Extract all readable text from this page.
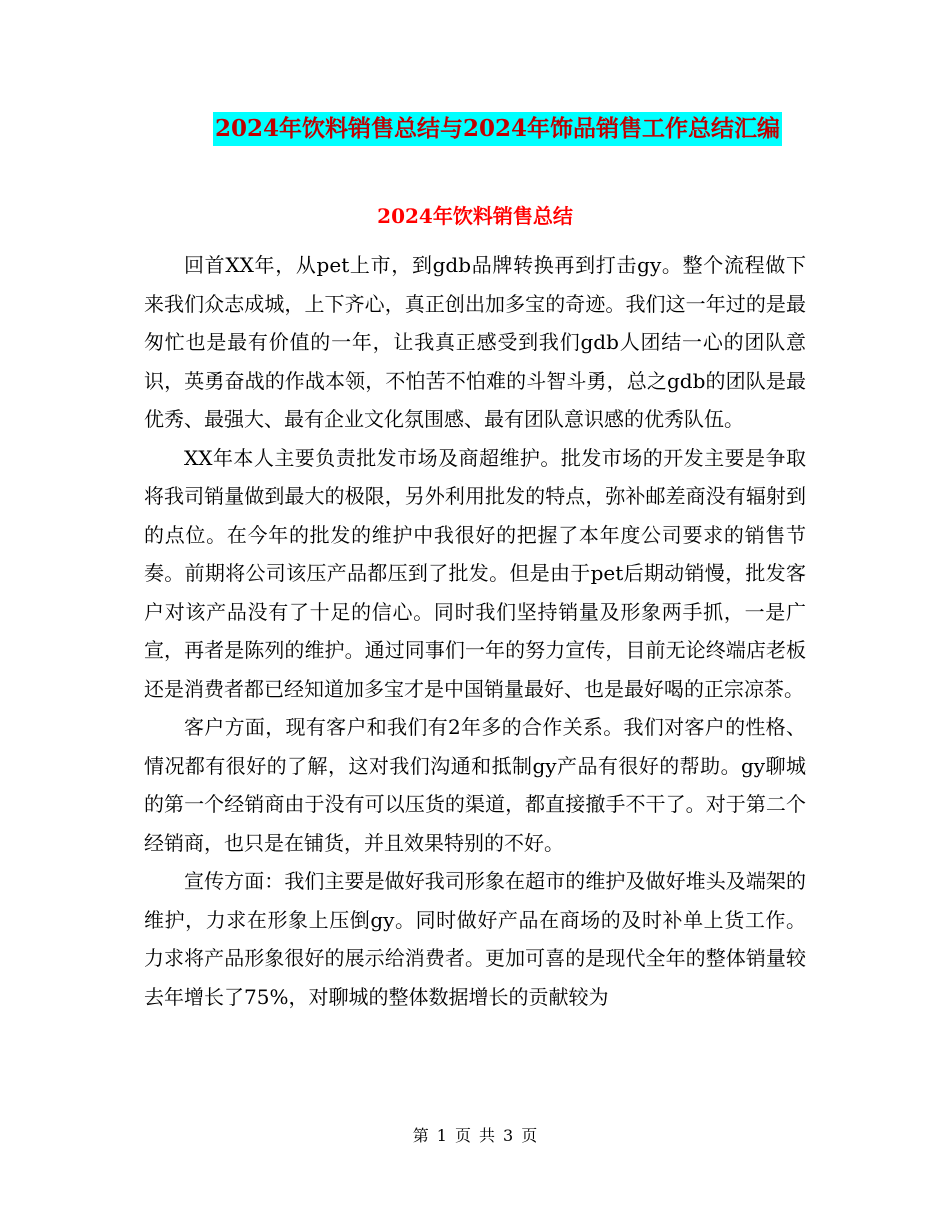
2024年饮料销售总结与2024年饰品销售工作总结汇编
2024年饮料销售总结

回首XX年，从pet上市，到gdb品牌转换再到打击gy。整个流程做下来我们众志成城，上下齐心，真正创出加多宝的奇迹。我们这一年过的是最匆忙也是最有价值的一年，让我真正感受到我们gdb人团结一心的团队意识，英勇奋战的作战本领，不怕苦不怕难的斗智斗勇，总之gdb的团队是最优秀、最强大、最有企业文化氛围感、最有团队意识感的优秀队伍。

XX年本人主要负责批发市场及商超维护。批发市场的开发主要是争取将我司销量做到最大的极限，另外利用批发的特点，弥补邮差商没有辐射到的点位。在今年的批发的维护中我很好的把握了本年度公司要求的销售节奏。前期将公司该压产品都压到了批发。但是由于pet后期动销慢，批发客户对该产品没有了十足的信心。同时我们坚持销量及形象两手抓，一是广宣，再者是陈列的维护。通过同事们一年的努力宣传，目前无论终端店老板还是消费者都已经知道加多宝才是中国销量最好、也是最好喝的正宗凉茶。

客户方面，现有客户和我们有2年多的合作关系。我们对客户的性格、情况都有很好的了解，这对我们沟通和抵制gy产品有很好的帮助。gy聊城的第一个经销商由于没有可以压货的渠道，都直接撤手不干了。对于第二个经销商，也只是在铺货，并且效果特别的不好。

宣传方面：我们主要是做好我司形象在超市的维护及做好堆头及端架的维护，力求在形象上压倒gy。同时做好产品在商场的及时补单上货工作。力求将产品形象很好的展示给消费者。更加可喜的是现代全年的整体销量较去年增长了75%，对聊城的整体数据增长的贡献较为

第 1 页 共 3 页
